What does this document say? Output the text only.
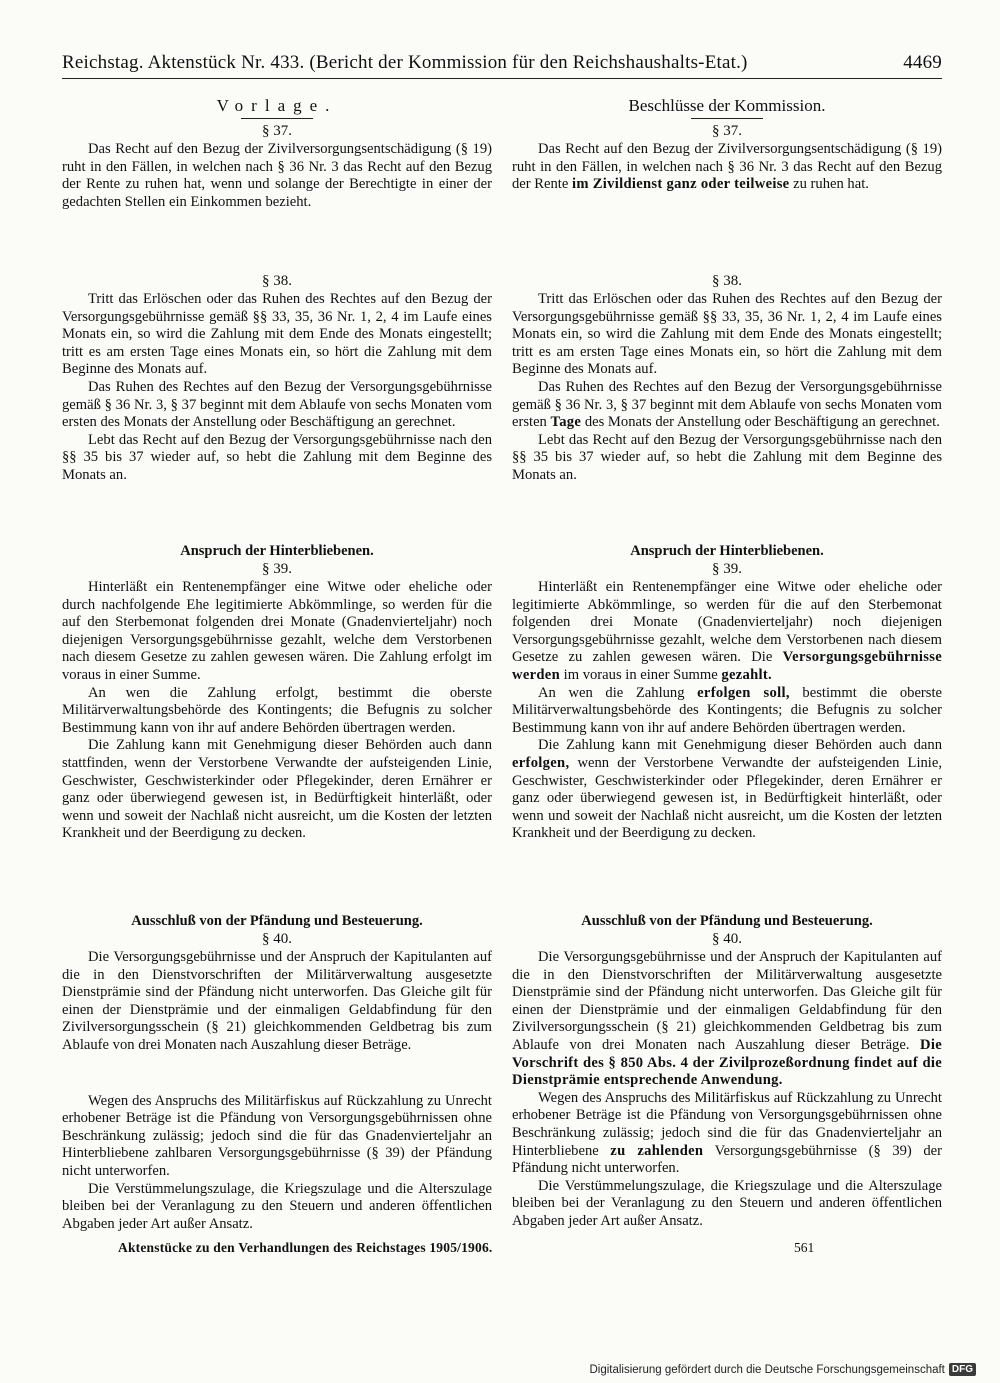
Reichstag. Aktenstück Nr. 433. (Bericht der Kommission für den Reichshaushalts-Etat.)	4469
Vorlage.
§ 37.

Das Recht auf den Bezug der Zivilversorgungsentschädigung (§ 19) ruht in den Fällen, in welchen nach § 36 Nr. 3 das Recht auf den Bezug der Rente zu ruhen hat, wenn und solange der Berechtigte in einer der gedachten Stellen ein Einkommen bezieht.

§ 38.

Tritt das Erlöschen oder das Ruhen des Rechtes auf den Bezug der Versorgungsgebührnisse gemäß §§ 33, 35, 36 Nr. 1, 2, 4 im Laufe eines Monats ein, so wird die Zahlung mit dem Ende des Monats eingestellt; tritt es am ersten Tage eines Monats ein, so hört die Zahlung mit dem Beginne des Monats auf.

Das Ruhen des Rechtes auf den Bezug der Versorgungsgebührnisse gemäß § 36 Nr. 3, § 37 beginnt mit dem Ablaufe von sechs Monaten vom ersten des Monats der Anstellung oder Beschäftigung an gerechnet.

Lebt das Recht auf den Bezug der Versorgungsgebührnisse nach den §§ 35 bis 37 wieder auf, so hebt die Zahlung mit dem Beginne des Monats an.

Anspruch der Hinterbliebenen.
§ 39.

Hinterläßt ein Rentenempfänger eine Witwe oder eheliche oder durch nachfolgende Ehe legitimierte Abkömmlinge, so werden für die auf den Sterbemonat folgenden drei Monate (Gnadenvierteljahr) noch diejenigen Versorgungsgebührnisse gezahlt, welche dem Verstorbenen nach diesem Gesetze zu zahlen gewesen wären. Die Zahlung erfolgt im voraus in einer Summe.

An wen die Zahlung erfolgt, bestimmt die oberste Militärverwaltungsbehörde des Kontingents; die Befugnis zu solcher Bestimmung kann von ihr auf andere Behörden übertragen werden.

Die Zahlung kann mit Genehmigung dieser Behörden auch dann stattfinden, wenn der Verstorbene Verwandte der aufsteigenden Linie, Geschwister, Geschwisterkinder oder Pflegekinder, deren Ernährer er ganz oder überwiegend gewesen ist, in Bedürftigkeit hinterläßt, oder wenn und soweit der Nachlaß nicht ausreicht, um die Kosten der letzten Krankheit und der Beerdigung zu decken.

Ausschluß von der Pfändung und Besteuerung.
§ 40.

Die Versorgungsgebührnisse und der Anspruch der Kapitulanten auf die in den Dienstvorschriften der Militärverwaltung ausgesetzte Dienstprämie sind der Pfändung nicht unterworfen. Das Gleiche gilt für einen der Dienstprämie und der einmaligen Geldabfindung für den Zivilversorgungsschein (§ 21) gleichkommenden Geldbetrag bis zum Ablaufe von drei Monaten nach Auszahlung dieser Beträge.

Wegen des Anspruchs des Militärfiskus auf Rückzahlung zu Unrecht erhobener Beträge ist die Pfändung von Versorgungsgebührnissen ohne Beschränkung zulässig; jedoch sind die für das Gnadenvierteljahr an Hinterbliebene zahlbaren Versorgungsgebührnisse (§ 39) der Pfändung nicht unterworfen.

Die Verstümmelungszulage, die Kriegszulage und die Alterszulage bleiben bei der Veranlagung zu den Steuern und anderen öffentlichen Abgaben jeder Art außer Ansatz.

Beschlüsse der Kommission.
§ 37.

Das Recht auf den Bezug der Zivilversorgungsentschädigung (§ 19) ruht in den Fällen, in welchen nach § 36 Nr. 3 das Recht auf den Bezug der Rente im Zivildienst ganz oder teilweise zu ruhen hat.

§ 38.

Tritt das Erlöschen oder das Ruhen des Rechtes auf den Bezug der Versorgungsgebührnisse gemäß §§ 33, 35, 36 Nr. 1, 2, 4 im Laufe eines Monats ein, so wird die Zahlung mit dem Ende des Monats eingestellt; tritt es am ersten Tage eines Monats ein, so hört die Zahlung mit dem Beginne des Monats auf.

Das Ruhen des Rechtes auf den Bezug der Versorgungsgebührnisse gemäß § 36 Nr. 3, § 37 beginnt mit dem Ablaufe von sechs Monaten vom ersten Tage des Monats der Anstellung oder Beschäftigung an gerechnet.

Lebt das Recht auf den Bezug der Versorgungsgebührnisse nach den §§ 35 bis 37 wieder auf, so hebt die Zahlung mit dem Beginne des Monats an.

Anspruch der Hinterbliebenen.
§ 39.

Hinterläßt ein Rentenempfänger eine Witwe oder eheliche oder legitimierte Abkömmlinge, so werden für die auf den Sterbemonat folgenden drei Monate (Gnadenvierteljahr) noch diejenigen Versorgungsgebührnisse gezahlt, welche dem Verstorbenen nach diesem Gesetze zu zahlen gewesen wären. Die Versorgungsgebührnisse werden im voraus in einer Summe gezahlt.

An wen die Zahlung erfolgen soll, bestimmt die oberste Militärverwaltungsbehörde des Kontingents; die Befugnis zu solcher Bestimmung kann von ihr auf andere Behörden übertragen werden.

Die Zahlung kann mit Genehmigung dieser Behörden auch dann erfolgen, wenn der Verstorbene Verwandte der aufsteigenden Linie, Geschwister, Geschwisterkinder oder Pflegekinder, deren Ernährer er ganz oder überwiegend gewesen ist, in Bedürftigkeit hinterläßt, oder wenn und soweit der Nachlaß nicht ausreicht, um die Kosten der letzten Krankheit und der Beerdigung zu decken.

Ausschluß von der Pfändung und Besteuerung.
§ 40.

Die Versorgungsgebührnisse und der Anspruch der Kapitulanten auf die in den Dienstvorschriften der Militärverwaltung ausgesetzte Dienstprämie sind der Pfändung nicht unterworfen. Das Gleiche gilt für einen der Dienstprämie und der einmaligen Geldabfindung für den Zivilversorgungsschein (§ 21) gleichkommenden Geldbetrag bis zum Ablaufe von drei Monaten nach Auszahlung dieser Beträge. Die Vorschrift des § 850 Abs. 4 der Zivilprozeßordnung findet auf die Dienstprämie entsprechende Anwendung.

Wegen des Anspruchs des Militärfiskus auf Rückzahlung zu Unrecht erhobener Beträge ist die Pfändung von Versorgungsgebührnissen ohne Beschränkung zulässig; jedoch sind die für das Gnadenvierteljahr an Hinterbliebene zu zahlenden Versorgungsgebührnisse (§ 39) der Pfändung nicht unterworfen.

Die Verstümmelungszulage, die Kriegszulage und die Alterszulage bleiben bei der Veranlagung zu den Steuern und anderen öffentlichen Abgaben jeder Art außer Ansatz.

Aktenstücke zu den Verhandlungen des Reichstages 1905/1906.	561
Digitalisierung gefördert durch die Deutsche Forschungsgemeinschaft DFG
